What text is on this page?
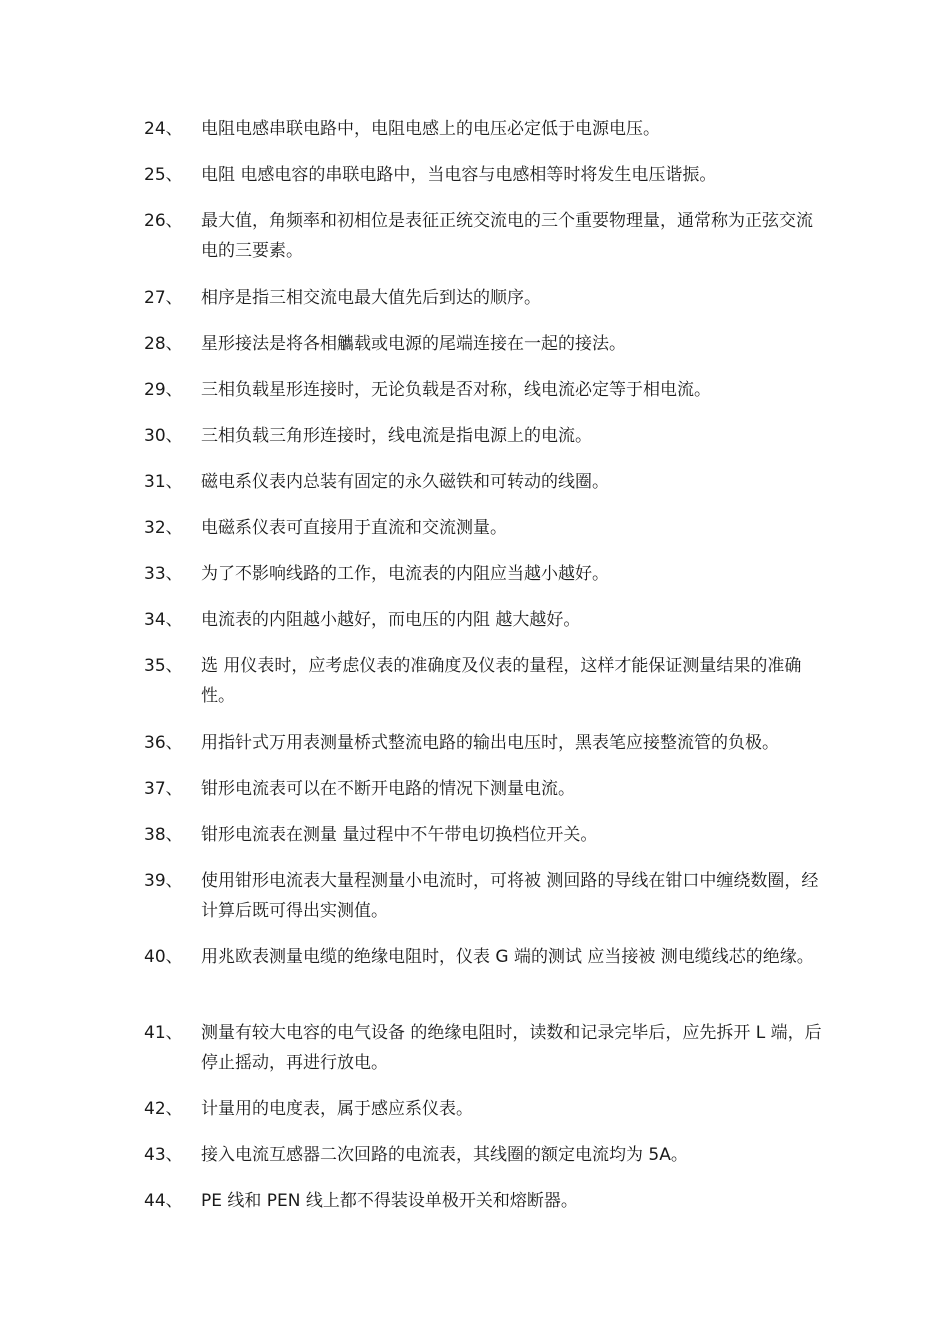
24、	电阻电感串联电路中，电阻电感上的电压必定低于电源电压。
25、	电阻 电感电容的串联电路中，当电容与电感相等时将发生电压谐振。
26、	最大值，角频率和初相位是表征正统交流电的三个重要物理量，通常称为正弦交流电的三要素。
27、	相序是指三相交流电最大值先后到达的顺序。
28、	星形接法是将各相觿载或电源的尾端连接在一起的接法。
29、	三相负载星形连接时，无论负载是否对称，线电流必定等于相电流。
30、	三相负载三角形连接时，线电流是指电源上的电流。
31、	磁电系仪表内总装有固定的永久磁铁和可转动的线圈。
32、	电磁系仪表可直接用于直流和交流测量。
33、	为了不影响线路的工作，电流表的内阻应当越小越好。
34、	电流表的内阻越小越好，而电压的内阻 越大越好。
35、	选 用仪表时，应考虑仪表的准确度及仪表的量程，这样才能保证测量结果的准确性。
36、	用指针式万用表测量桥式整流电路的输出电压时，黑表笔应接整流管的负极。
37、	钳形电流表可以在不断开电路的情况下测量电流。
38、	钳形电流表在测量 量过程中不午带电切换档位开关。
39、	使用钳形电流表大量程测量小电流时，可将被 测回路的导线在钳口中缠绕数圈，经计算后既可得出实测值。
40、	用兆欧表测量电缆的绝缘电阻时，仪表 G 端的测试 应当接被 测电缆线芯的绝缘。
41、	测量有较大电容的电气设备 的绝缘电阻时，读数和记录完毕后，应先拆开 L 端，后停止摇动，再进行放电。
42、	计量用的电度表，属于感应系仪表。
43、	接入电流互感器二次回路的电流表，其线圈的额定电流均为 5A。
44、	PE 线和 PEN 线上都不得装设单极开关和熔断器。
